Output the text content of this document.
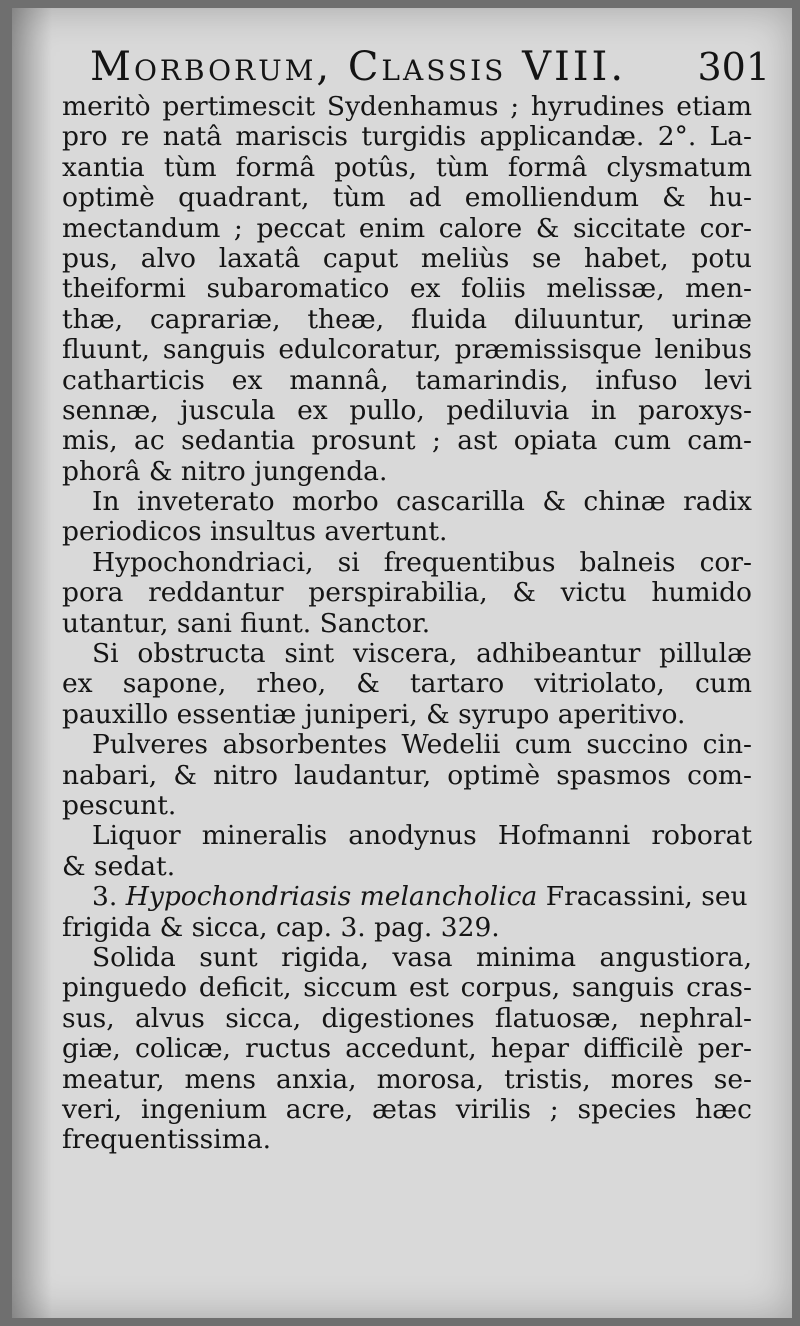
Morborum, Classis VIII. 301
meritò pertimescit Sydenhamus ; hyrudines etiam
pro re natâ mariscis turgidis applicandæ. 2°. La-
xantia tùm formâ potûs, tùm formâ clysmatum
optimè quadrant, tùm ad emolliendum & hu-
mectandum ; peccat enim calore & siccitate cor-
pus, alvo laxatâ caput meliùs se habet, potu
theiformi subaromatico ex foliis melissæ, men-
thæ, caprariæ, theæ, fluida diluuntur, urinæ
fluunt, sanguis edulcoratur, præmissisque lenibus
catharticis ex mannâ, tamarindis, infuso levi
sennæ, juscula ex pullo, pediluvia in paroxys-
mis, ac sedantia prosunt ; ast opiata cum cam-
phorâ & nitro jungenda.
In inveterato morbo cascarilla & chinæ radix
periodicos insultus avertunt.
Hypochondriaci, si frequentibus balneis cor-
pora reddantur perspirabilia, & victu humido
utantur, sani fiunt. Sanctor.
Si obstructa sint viscera, adhibeantur pillulæ
ex sapone, rheo, & tartaro vitriolato, cum
pauxillo essentiæ juniperi, & syrupo aperitivo.
Pulveres absorbentes Wedelii cum succino cin-
nabari, & nitro laudantur, optimè spasmos com-
pescunt.
Liquor mineralis anodynus Hofmanni roborat
& sedat.
3. Hypochondriasis melancholica Fracassini, seu
frigida & sicca, cap. 3. pag. 329.
Solida sunt rigida, vasa minima angustiora,
pinguedo deficit, siccum est corpus, sanguis cras-
sus, alvus sicca, digestiones flatuosæ, nephral-
giæ, colicæ, ructus accedunt, hepar difficilè per-
meatur, mens anxia, morosa, tristis, mores se-
veri, ingenium acre, ætas virilis ; species hæc
frequentissima.
